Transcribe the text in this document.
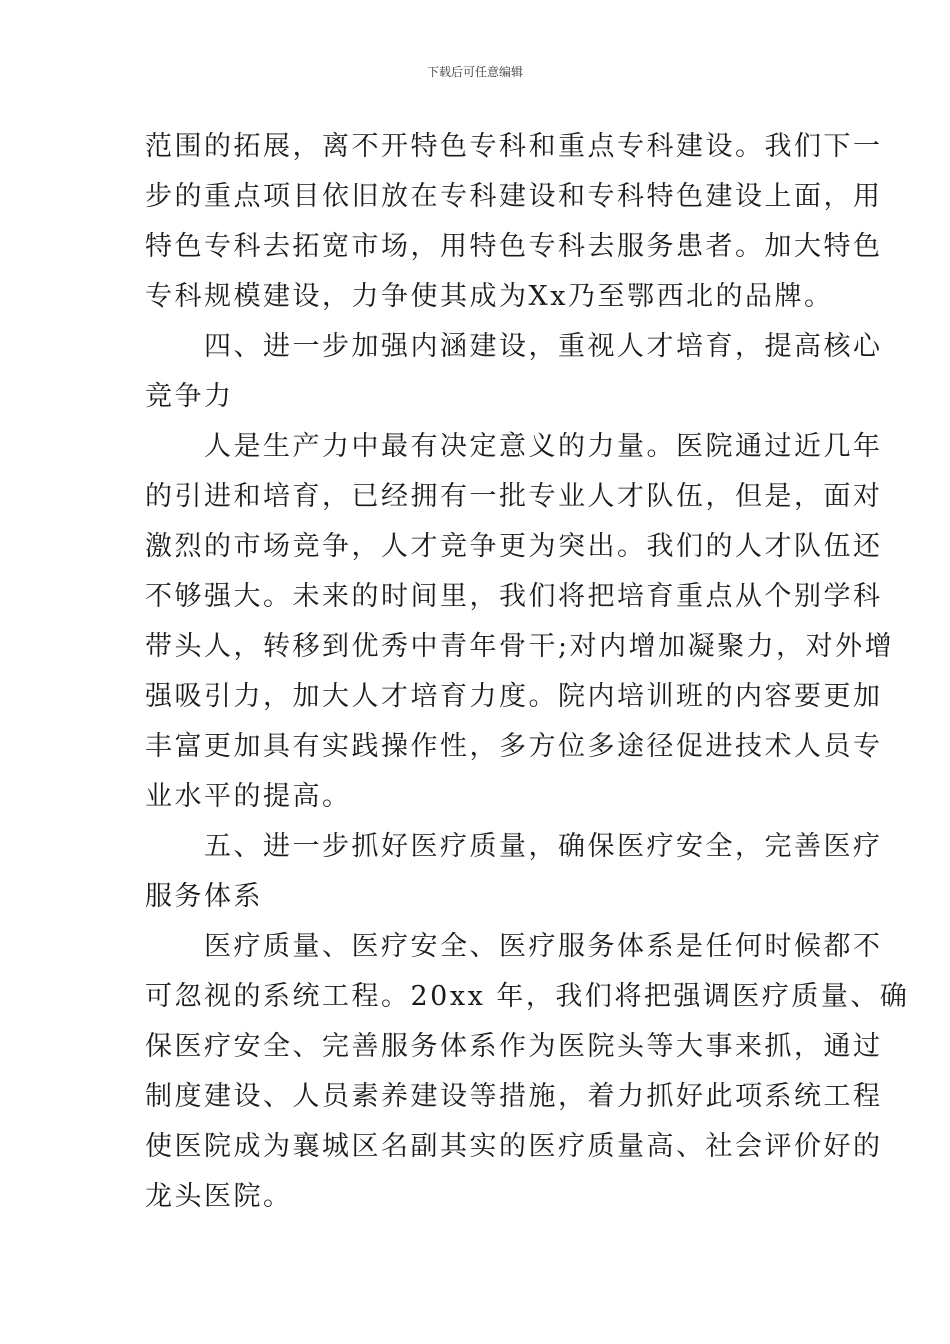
下载后可任意编辑
范围的拓展，离不开特色专科和重点专科建设。我们下一
步的重点项目依旧放在专科建设和专科特色建设上面，用
特色专科去拓宽市场，用特色专科去服务患者。加大特色
专科规模建设，力争使其成为Xx乃至鄂西北的品牌。
四、进一步加强内涵建设，重视人才培育，提高核心
竞争力
人是生产力中最有决定意义的力量。医院通过近几年
的引进和培育，已经拥有一批专业人才队伍，但是，面对
激烈的市场竞争，人才竞争更为突出。我们的人才队伍还
不够强大。未来的时间里，我们将把培育重点从个别学科
带头人，转移到优秀中青年骨干;对内增加凝聚力，对外增
强吸引力，加大人才培育力度。院内培训班的内容要更加
丰富更加具有实践操作性，多方位多途径促进技术人员专
业水平的提高。
五、进一步抓好医疗质量，确保医疗安全，完善医疗
服务体系
医疗质量、医疗安全、医疗服务体系是任何时候都不
可忽视的系统工程。20xx 年，我们将把强调医疗质量、确
保医疗安全、完善服务体系作为医院头等大事来抓，通过
制度建设、人员素养建设等措施，着力抓好此项系统工程
使医院成为襄城区名副其实的医疗质量高、社会评价好的
龙头医院。
